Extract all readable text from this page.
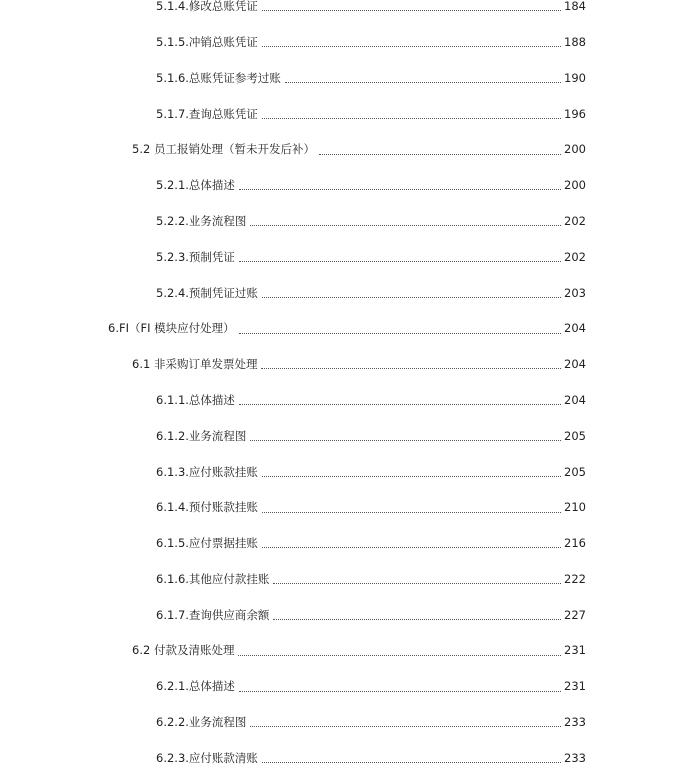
5.1.4.修改总账凭证	184
5.1.5.冲销总账凭证	188
5.1.6.总账凭证参考过账	190
5.1.7.查询总账凭证	196
5.2 员工报销处理（暂未开发后补）	200
5.2.1.总体描述	200
5.2.2.业务流程图	202
5.2.3.预制凭证	202
5.2.4.预制凭证过账	203
6.FI（FI 模块应付处理）	204
6.1 非采购订单发票处理	204
6.1.1.总体描述	204
6.1.2.业务流程图	205
6.1.3.应付账款挂账	205
6.1.4.预付账款挂账	210
6.1.5.应付票据挂账	216
6.1.6.其他应付款挂账	222
6.1.7.查询供应商余额	227
6.2 付款及清账处理	231
6.2.1.总体描述	231
6.2.2.业务流程图	233
6.2.3.应付账款清账	233
